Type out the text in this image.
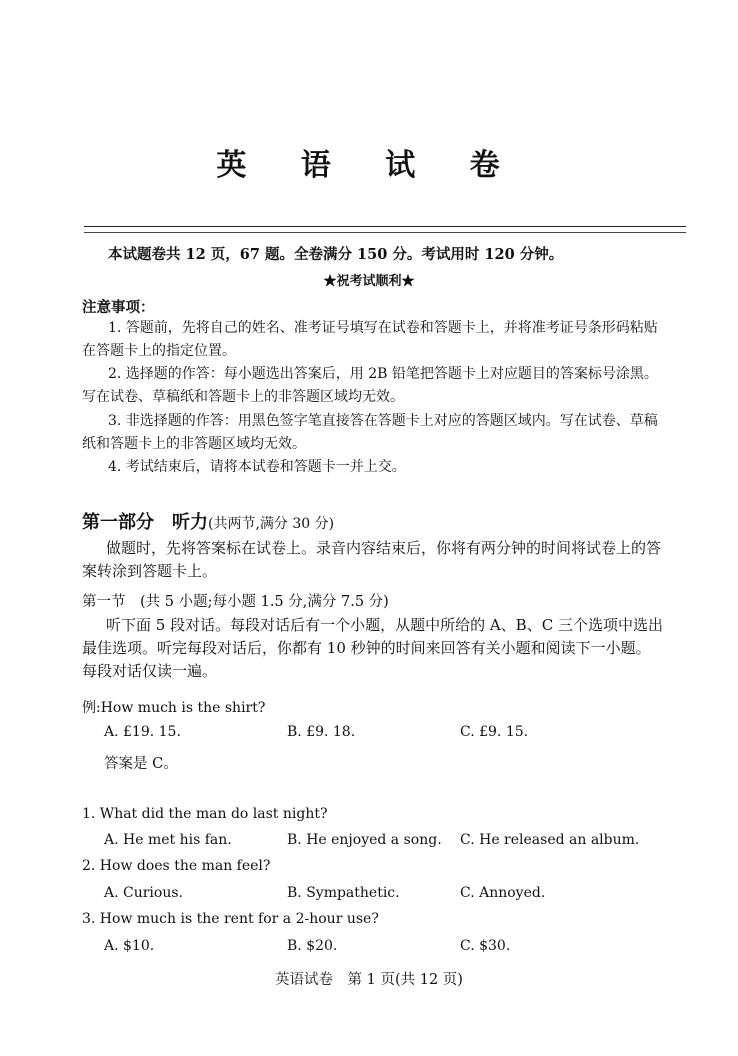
英 语 试 卷
本试题卷共 12 页，67 题。全卷满分 150 分。考试用时 120 分钟。
★祝考试顺利★
注意事项：
1. 答题前，先将自己的姓名、准考证号填写在试卷和答题卡上，并将准考证号条形码粘贴在答题卡上的指定位置。
2. 选择题的作答：每小题选出答案后，用 2B 铅笔把答题卡上对应题目的答案标号涂黑。写在试卷、草稿纸和答题卡上的非答题区域均无效。
3. 非选择题的作答：用黑色签字笔直接答在答题卡上对应的答题区域内。写在试卷、草稿纸和答题卡上的非答题区域均无效。
4. 考试结束后，请将本试卷和答题卡一并上交。
第一部分　听力(共两节,满分 30 分)
做题时，先将答案标在试卷上。录音内容结束后，你将有两分钟的时间将试卷上的答案转涂到答题卡上。
第一节　(共 5 小题;每小题 1.5 分,满分 7.5 分)
听下面 5 段对话。每段对话后有一个小题，从题中所给的 A、B、C 三个选项中选出最佳选项。听完每段对话后，你都有 10 秒钟的时间来回答有关小题和阅读下一小题。每段对话仅读一遍。
例:How much is the shirt?
A. £19. 15.	B. £9. 18.	C. £9. 15.
答案是 C。
1. What did the man do last night?
A. He met his fan.	B. He enjoyed a song. C. He released an album.
2. How does the man feel?
A. Curious.	B. Sympathetic.	C. Annoyed.
3. How much is the rent for a 2-hour use?
A. $10.	B. $20.	C. $30.
英语试卷　第 1 页(共 12 页)
